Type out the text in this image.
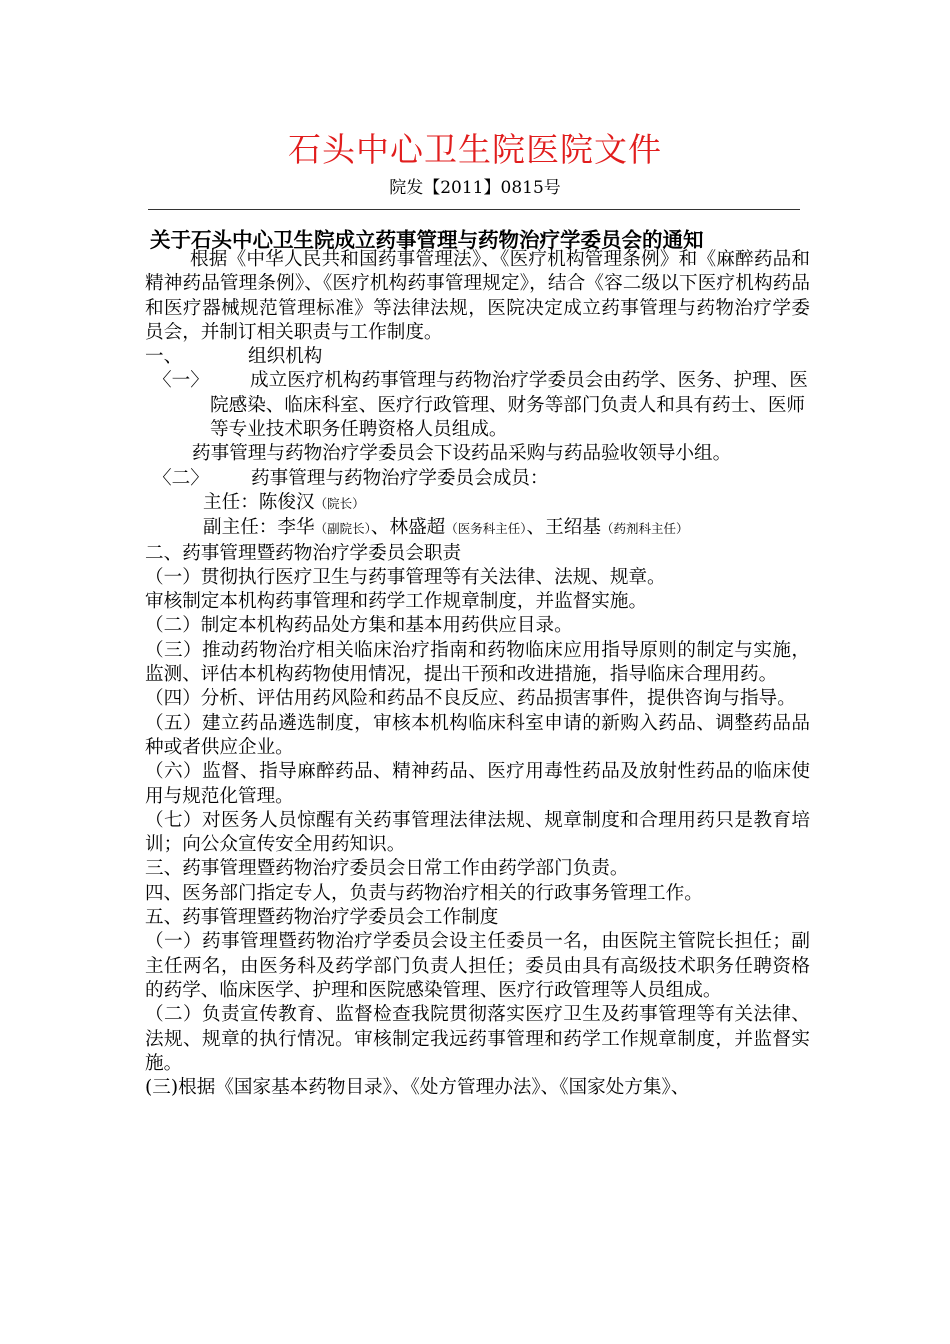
石头中心卫生院医院文件
院发【2011】0815号
关于石头中心卫生院成立药事管理与药物治疗学委员会的通知

根据《中华人民共和国药事管理法》、《医疗机构管理条例》和《麻醉药品和精神药品管理条例》、《医疗机构药事管理规定》，结合《容二级以下医疗机构药品和医疗器械规范管理标准》等法律法规，医院决定成立药事管理与药物治疗学委员会，并制订相关职责与工作制度。

一、	组织机构
〈一〉	成立医疗机构药事管理与药物治疗学委员会由药学、医务、护理、医院感染、临床科室、医疗行政管理、财务等部门负责人和具有药士、医师等专业技术职务任聘资格人员组成。

药事管理与药物治疗学委员会下设药品采购与药品验收领导小组。

〈二〉	药事管理与药物治疗学委员会成员：
主任：陈俊汉（院长）
副主任：李华（副院长）、林盛超（医务科主任）、王绍基（药剂科主任）

二、药事管理暨药物治疗学委员会职责

（一）贯彻执行医疗卫生与药事管理等有关法律、法规、规章。

审核制定本机构药事管理和药学工作规章制度，并监督实施。

（二）制定本机构药品处方集和基本用药供应目录。

（三）推动药物治疗相关临床治疗指南和药物临床应用指导原则的制定与实施，监测、评估本机构药物使用情况，提出干预和改进措施，指导临床合理用药。

（四）分析、评估用药风险和药品不良反应、药品损害事件，提供咨询与指导。

（五）建立药品遴选制度，审核本机构临床科室申请的新购入药品、调整药品品种或者供应企业。

（六）监督、指导麻醉药品、精神药品、医疗用毒性药品及放射性药品的临床使用与规范化管理。

（七）对医务人员惊醒有关药事管理法律法规、规章制度和合理用药只是教育培训；向公众宣传安全用药知识。

三、药事管理暨药物治疗委员会日常工作由药学部门负责。

四、医务部门指定专人，负责与药物治疗相关的行政事务管理工作。

五、药事管理暨药物治疗学委员会工作制度

（一）药事管理暨药物治疗学委员会设主任委员一名，由医院主管院长担任；副主任两名，由医务科及药学部门负责人担任；委员由具有高级技术职务任聘资格的药学、临床医学、护理和医院感染管理、医疗行政管理等人员组成。

（二）负责宣传教育、监督检查我院贯彻落实医疗卫生及药事管理等有关法律、法规、规章的执行情况。审核制定我远药事管理和药学工作规章制度，并监督实施。

(三)根据《国家基本药物目录》、《处方管理办法》、《国家处方集》、
